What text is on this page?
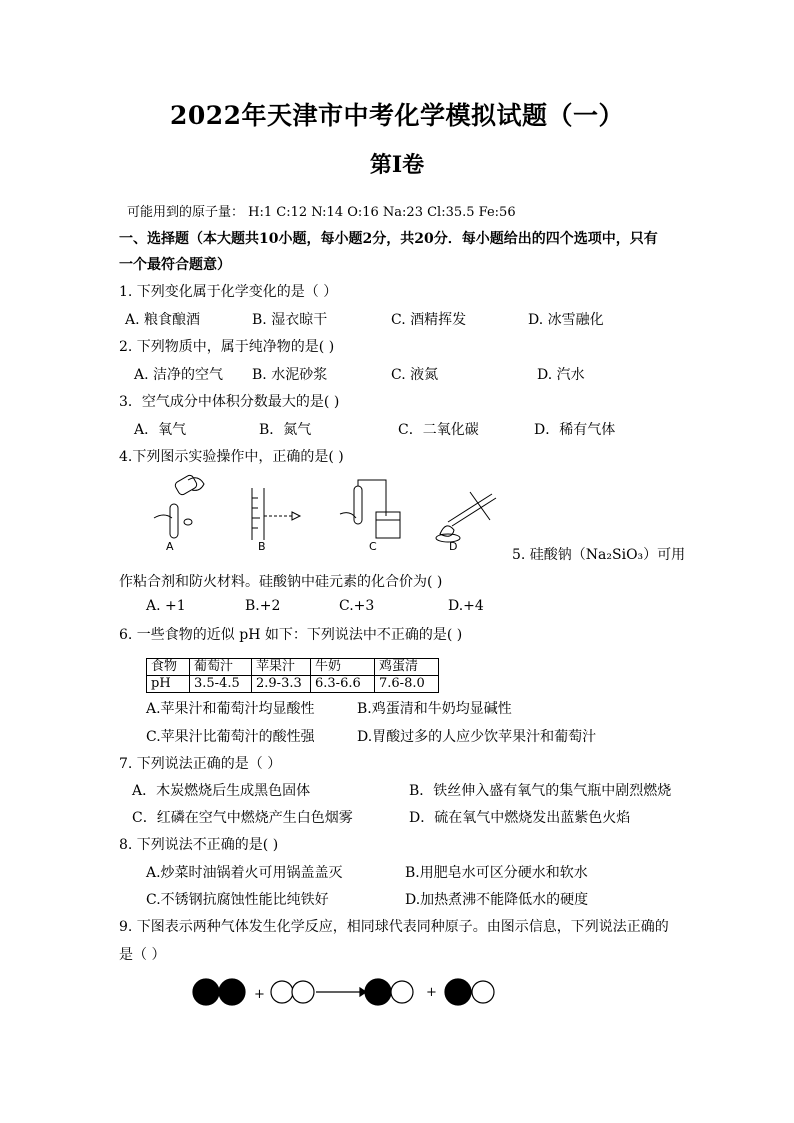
2022年天津市中考化学模拟试题（一）
第Ⅰ卷
可能用到的原子量： H:1 C:12 N:14 O:16 Na:23 Cl:35.5 Fe:56
一、选择题（本大题共10小题，每小题2分，共20分．每小题给出的四个选项中，只有
一个最符合题意）
1. 下列变化属于化学变化的是（ ）
A. 粮食酿酒	B. 湿衣晾干	C. 酒精挥发	D. 冰雪融化
2. 下列物质中，属于纯净物的是( )
A. 洁净的空气 B. 水泥砂浆	C. 液氮	D. 汽水
3．空气成分中体积分数最大的是( )
A．氧气	B．氮气	C．二氧化碳	D．稀有气体
4.下列图示实验操作中，正确的是( )
A	B	C	D
5. 硅酸钠（Na₂SiO₃）可用
作粘合剂和防火材料。硅酸钠中硅元素的化合价为( )
A. +1	B.+2	C.+3	D.+4
6. 一些食物的近似 pH 如下：下列说法中不正确的是( )
食物	葡萄汁	苹果汁	牛奶	鸡蛋清
pH	3.5-4.5	2.9-3.3	6.3-6.6	7.6-8.0
A.苹果汁和葡萄汁均显酸性	B.鸡蛋清和牛奶均显碱性
C.苹果汁比葡萄汁的酸性强	D.胃酸过多的人应少饮苹果汁和葡萄汁
7. 下列说法正确的是（ ）
A．木炭燃烧后生成黑色固体	B．铁丝伸入盛有氧气的集气瓶中剧烈燃烧
C．红磷在空气中燃烧产生白色烟雾	D．硫在氧气中燃烧发出蓝紫色火焰
8. 下列说法不正确的是( )
A.炒菜时油锅着火可用锅盖盖灭	B.用肥皂水可区分硬水和软水
C.不锈钢抗腐蚀性能比纯铁好	D.加热煮沸不能降低水的硬度
9. 下图表示两种气体发生化学反应，相同球代表同种原子。由图示信息，下列说法正确的
是（ ）
+	+
